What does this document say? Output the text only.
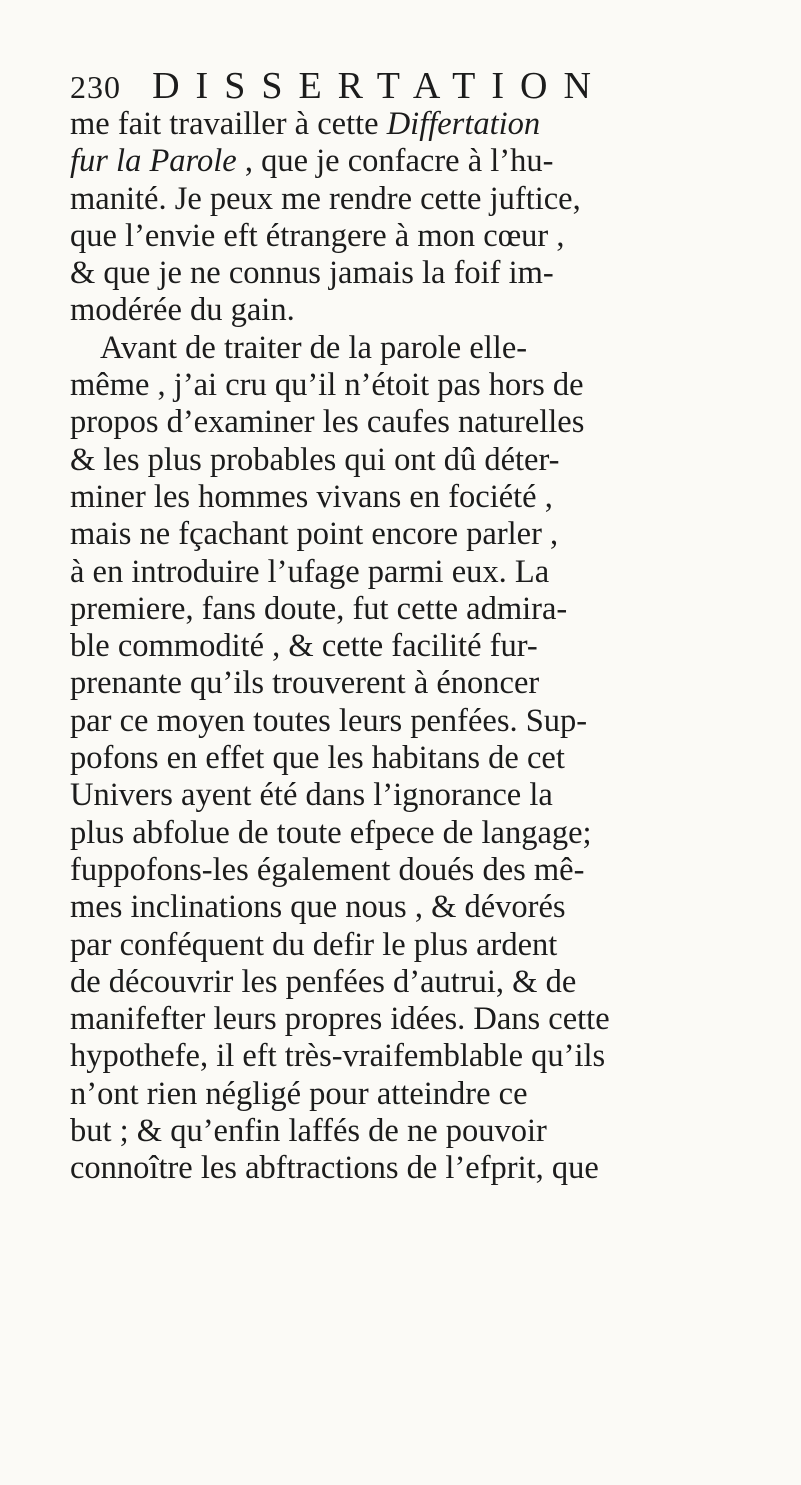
230 DISSERTATION
me fait travailler à cette Differtation
fur la Parole , que je confacre à l’hu-
manité. Je peux me rendre cette juftice,
que l’envie eft étrangere à mon cœur ,
& que je ne connus jamais la foif im-
modérée du gain.
Avant de traiter de la parole elle-
même , j’ai cru qu’il n’étoit pas hors de
propos d’examiner les caufes naturelles
& les plus probables qui ont dû déter-
miner les hommes vivans en fociété ,
mais ne fçachant point encore parler ,
à en introduire l’ufage parmi eux. La
premiere, fans doute, fut cette admira-
ble commodité , & cette facilité fur-
prenante qu’ils trouverent à énoncer
par ce moyen toutes leurs penfées. Sup-
pofons en effet que les habitans de cet
Univers ayent été dans l’ignorance la
plus abfolue de toute efpece de langage;
fuppofons-les également doués des mê-
mes inclinations que nous , & dévorés
par conféquent du defir le plus ardent
de découvrir les penfées d’autrui, & de
manifefter leurs propres idées. Dans cette
hypothefe, il eft très-vraifemblable qu’ils
n’ont rien négligé pour atteindre ce
but ; & qu’enfin laffés de ne pouvoir
connoître les abftractions de l’efprit, que
